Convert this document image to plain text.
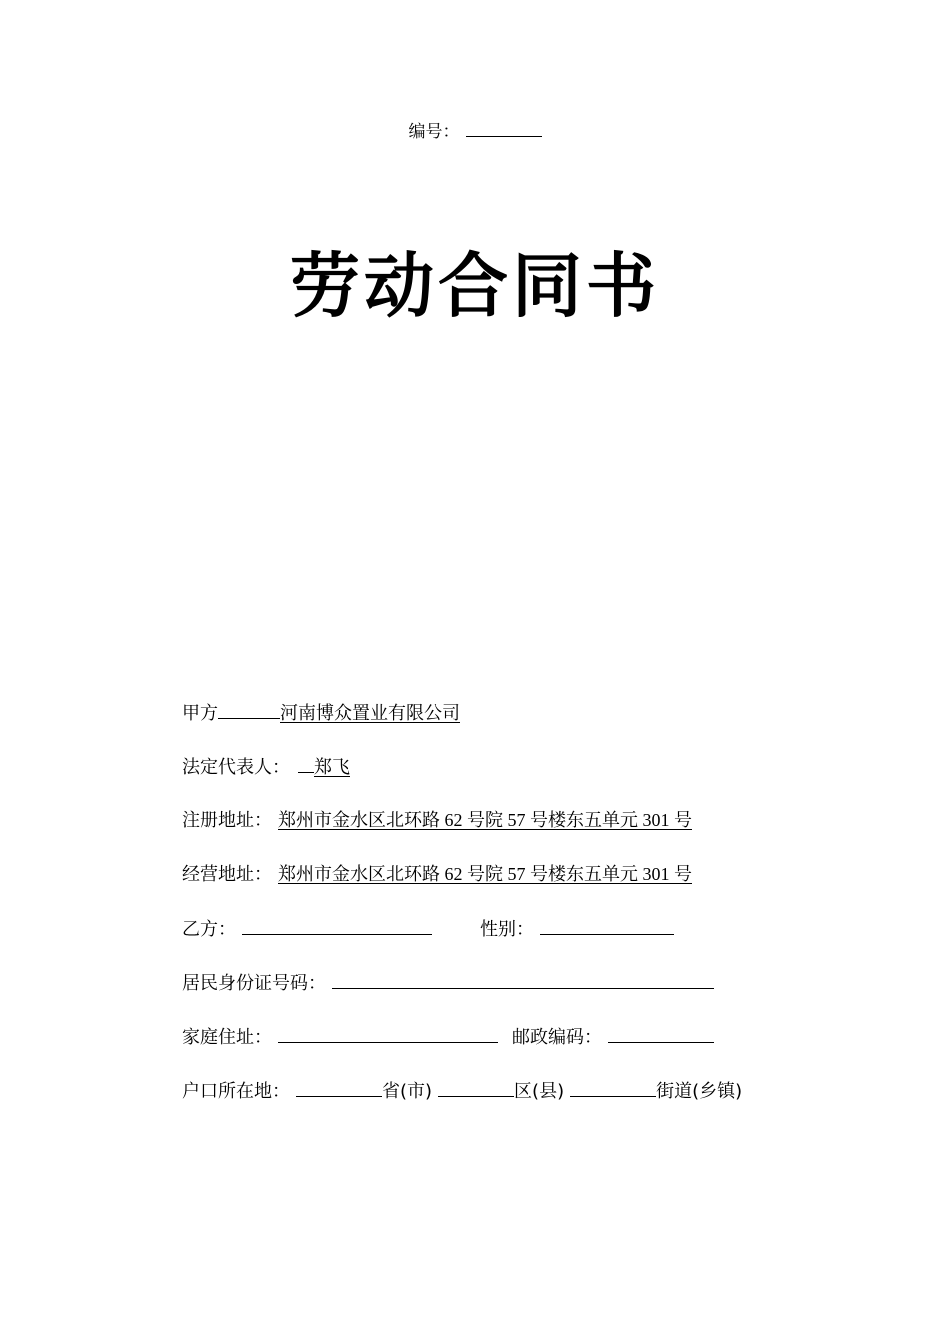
编号：
劳动合同书
甲方	河南博众置业有限公司
法定代表人： 郑飞
注册地址： 郑州市金水区北环路 62 号院 57 号楼东五单元 301 号
经营地址： 郑州市金水区北环路 62 号院 57 号楼东五单元 301 号
乙方：	性别：
居民身份证号码：
家庭住址：	邮政编码：
户口所在地：	省(市)	区(县)	街道(乡镇)
